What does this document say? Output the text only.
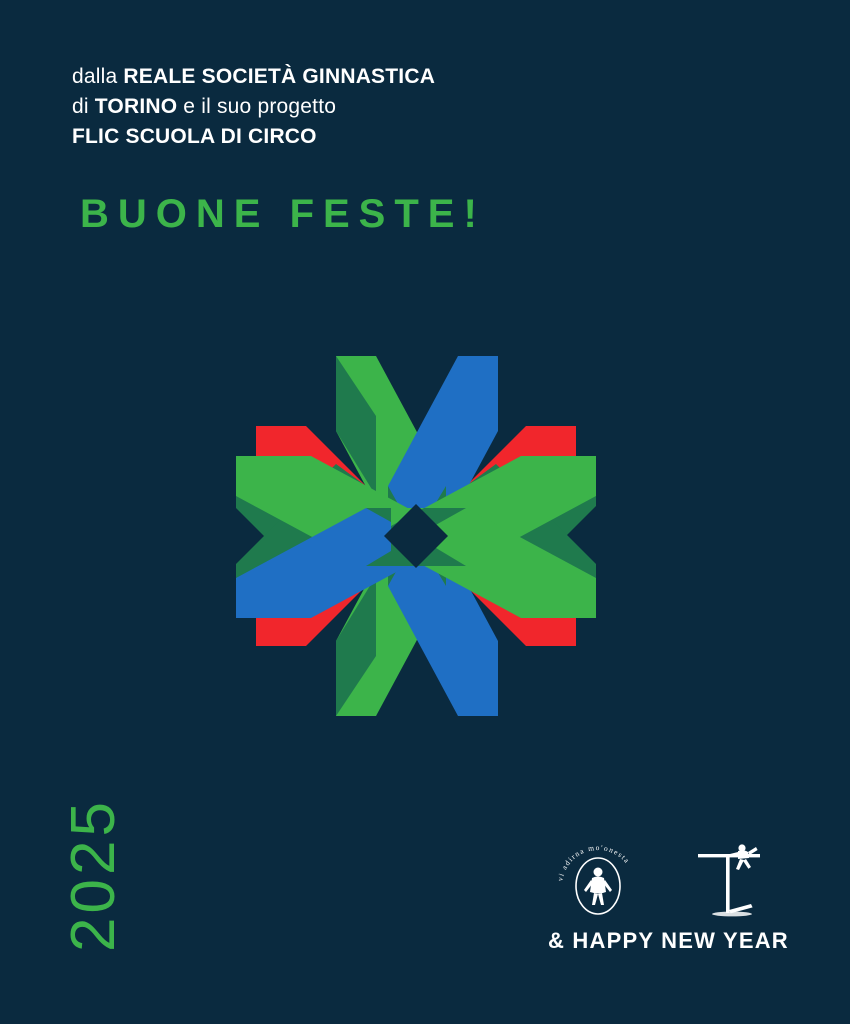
dalla REALE SOCIETÀ GINNASTICA
di TORINO e il suo progetto
FLIC SCUOLA DI CIRCO
BUONE FESTE!
2025	vi adirna mo'onesta
& HAPPY NEW YEAR
